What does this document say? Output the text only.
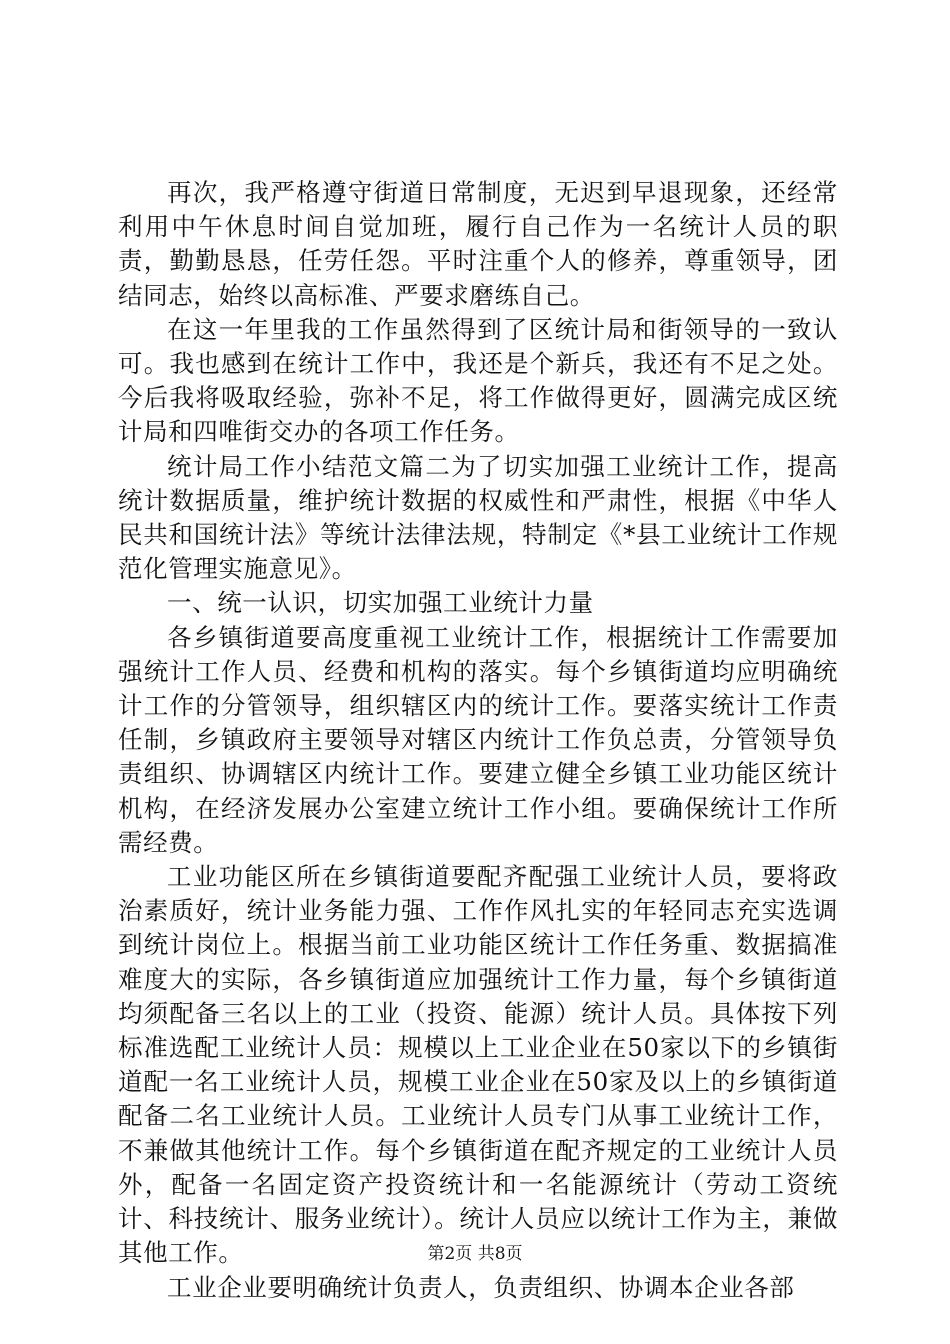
再次，我严格遵守街道日常制度，无迟到早退现象，还经常利用中午休息时间自觉加班，履行自己作为一名统计人员的职责，勤勤恳恳，任劳任怨。平时注重个人的修养，尊重领导，团结同志，始终以高标准、严要求磨练自己。

在这一年里我的工作虽然得到了区统计局和街领导的一致认可。我也感到在统计工作中，我还是个新兵，我还有不足之处。今后我将吸取经验，弥补不足，将工作做得更好，圆满完成区统计局和四唯街交办的各项工作任务。

统计局工作小结范文篇二为了切实加强工业统计工作，提高统计数据质量，维护统计数据的权威性和严肃性，根据《中华人民共和国统计法》等统计法律法规，特制定《*县工业统计工作规范化管理实施意见》。

一、统一认识，切实加强工业统计力量

各乡镇街道要高度重视工业统计工作，根据统计工作需要加强统计工作人员、经费和机构的落实。每个乡镇街道均应明确统计工作的分管领导，组织辖区内的统计工作。要落实统计工作责任制，乡镇政府主要领导对辖区内统计工作负总责，分管领导负责组织、协调辖区内统计工作。要建立健全乡镇工业功能区统计机构，在经济发展办公室建立统计工作小组。要确保统计工作所需经费。

工业功能区所在乡镇街道要配齐配强工业统计人员，要将政治素质好，统计业务能力强、工作作风扎实的年轻同志充实选调到统计岗位上。根据当前工业功能区统计工作任务重、数据搞准难度大的实际，各乡镇街道应加强统计工作力量，每个乡镇街道均须配备三名以上的工业（投资、能源）统计人员。具体按下列标准选配工业统计人员：规模以上工业企业在50家以下的乡镇街道配一名工业统计人员，规模工业企业在50家及以上的乡镇街道配备二名工业统计人员。工业统计人员专门从事工业统计工作，不兼做其他统计工作。每个乡镇街道在配齐规定的工业统计人员外，配备一名固定资产投资统计和一名能源统计（劳动工资统计、科技统计、服务业统计）。统计人员应以统计工作为主，兼做其他工作。

工业企业要明确统计负责人，负责组织、协调本企业各部

第2页 共8页
